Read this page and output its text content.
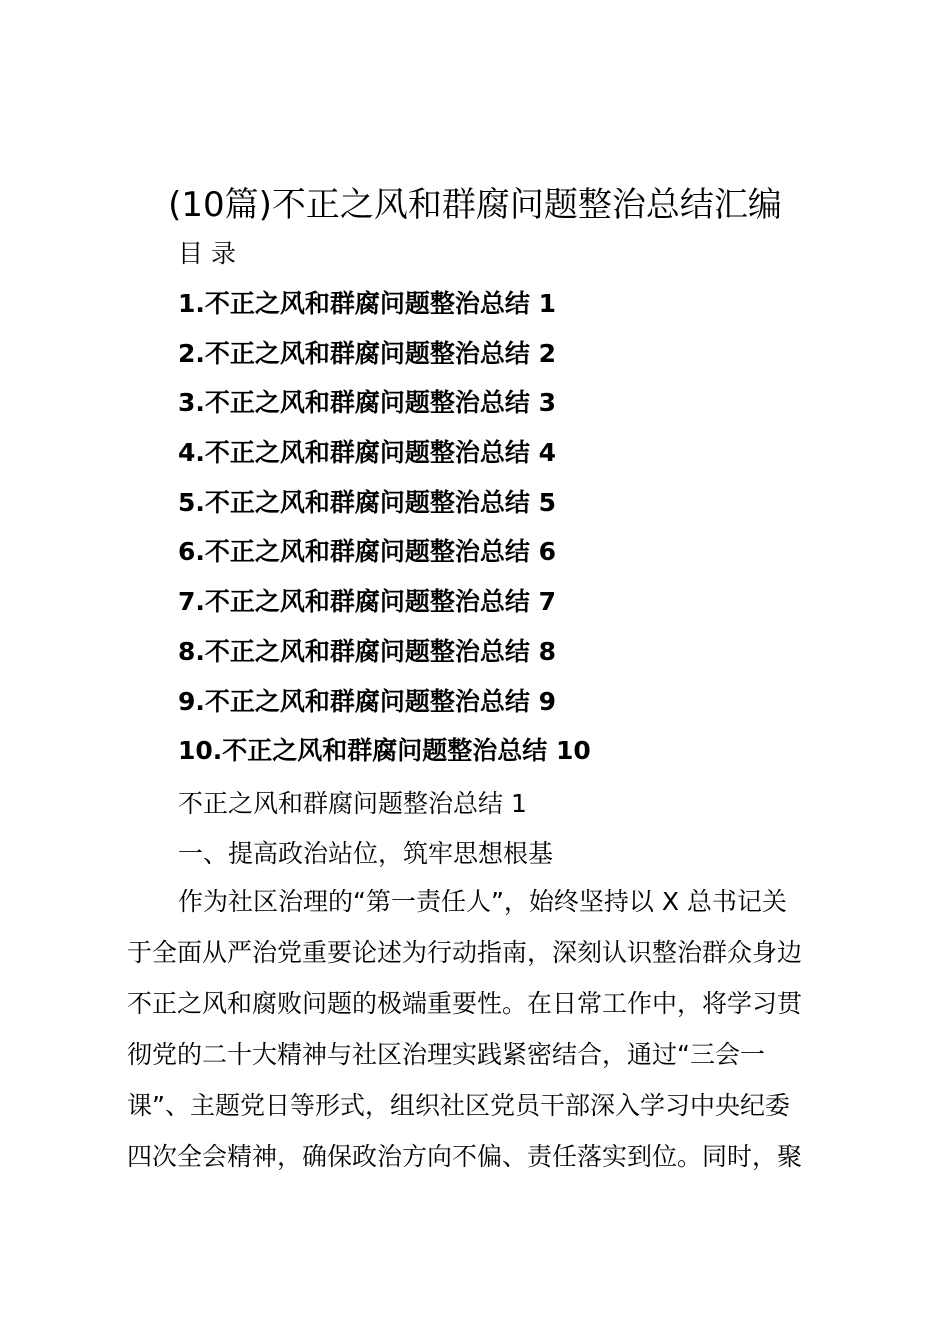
(10篇)不正之风和群腐问题整治总结汇编
目 录
1.不正之风和群腐问题整治总结 1
2.不正之风和群腐问题整治总结 2
3.不正之风和群腐问题整治总结 3
4.不正之风和群腐问题整治总结 4
5.不正之风和群腐问题整治总结 5
6.不正之风和群腐问题整治总结 6
7.不正之风和群腐问题整治总结 7
8.不正之风和群腐问题整治总结 8
9.不正之风和群腐问题整治总结 9
10.不正之风和群腐问题整治总结 10
不正之风和群腐问题整治总结 1
一、提高政治站位，筑牢思想根基
作为社区治理的“第一责任人”，始终坚持以 X 总书记关
于全面从严治党重要论述为行动指南，深刻认识整治群众身边
不正之风和腐败问题的极端重要性。在日常工作中，将学习贯
彻党的二十大精神与社区治理实践紧密结合，通过“三会一
课”、主题党日等形式，组织社区党员干部深入学习中央纪委
四次全会精神，确保政治方向不偏、责任落实到位。同时，聚
